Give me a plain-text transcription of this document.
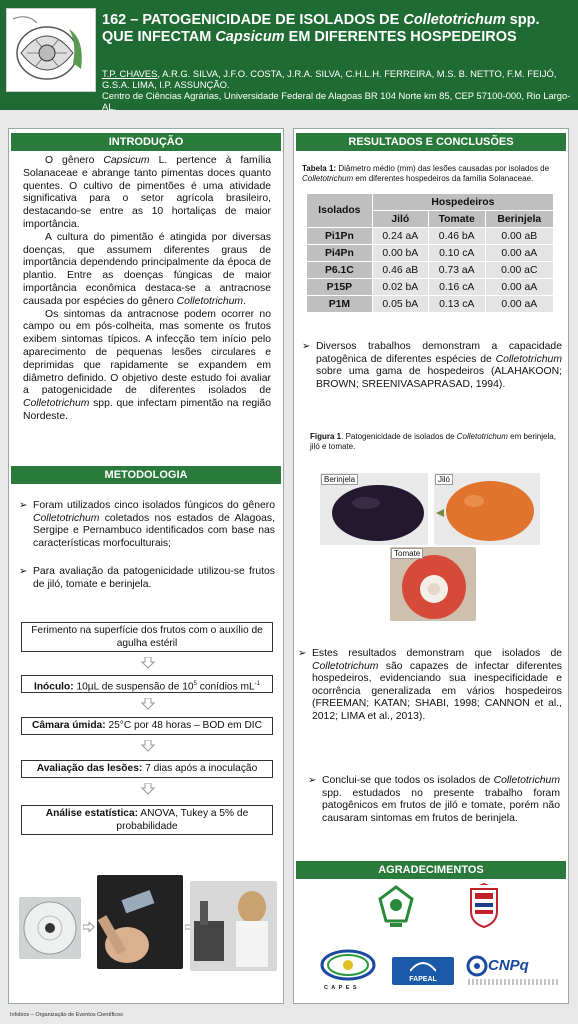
162 – PATOGENICIDADE DE ISOLADOS DE Colletotrichum spp. QUE INFECTAM Capsicum EM DIFERENTES HOSPEDEIROS
T.P. CHAVES, A.R.G. SILVA, J.F.O. COSTA, J.R.A. SILVA, C.H.L.H. FERREIRA, M.S. B. NETTO, F.M. FEIJÓ, G.S.A. LIMA, I.P. ASSUNÇÃO.
Centro de Ciências Agrárias, Universidade Federal de Alagoas BR 104 Norte km 85, CEP 57100-000, Rio Largo-AL.
INTRODUÇÃO

O gênero Capsicum L. pertence à família Solanaceae e abrange tanto pimentas doces quanto quentes. O cultivo de pimentões é uma atividade significativa para o setor agrícola brasileiro, destacando-se entre as 10 hortaliças de maior importância.

A cultura do pimentão é atingida por diversas doenças, que assumem diferentes graus de importância dependendo principalmente da época de plantio. Entre as doenças fúngicas de maior importância econômica destaca-se a antracnose causada por espécies do gênero Colletotrichum.

Os sintomas da antracnose podem ocorrer no campo ou em pós-colheita, mas somente os frutos exibem sintomas típicos. A infecção tem início pelo aparecimento de pequenas lesões circulares e deprimidas que rapidamente se expandem em diâmetro definido. O objetivo deste estudo foi avaliar a patogenicidade de diferentes isolados de Colletotrichum spp. que infectam pimentão na região Nordeste.

METODOLOGIA
➢ Foram utilizados cinco isolados fúngicos do gênero Colletotrichum coletados nos estados de Alagoas, Sergipe e Pernambuco identificados com base nas características morfoculturais;
➢ Para avaliação da patogenicidade utilizou-se frutos de jiló, tomate e berinjela.
Ferimento na superfície dos frutos com o auxílio de agulha estéril
Inóculo: 10µL de suspensão de $10^5$ conídios $mL^{-1}$
Câmara úmida: 25°C por 48 horas – BOD em DIC
Avaliação das lesões: 7 dias após a inoculação
Análise estatística: ANOVA, Tukey a 5% de probabilidade
RESULTADOS E CONCLUSÕES
Tabela 1: Diâmetro médio (mm) das lesões causadas por isolados de Colletotrichum em diferentes hospedeiros da família Solanaceae.
Isolados	Hospedeiros		
	Jiló	Tomate	Berinjela
Pi1Pn	0.24 aA	0.46 bA	0.00 aB
Pi4Pn	0.00 bA	0.10 cA	0.00 aA
P6.1C	0.46 aB	0.73 aA	0.00 aC
P15P	0.02 bA	0.16 cA	0.00 aA
P1M	0.05 bA	0.13 cA	0.00 aA
➢ Diversos trabalhos demonstram a capacidade patogênica de diferentes espécies de Colletotrichum sobre uma gama de hospedeiros (ALAHAKOON; BROWN; SREENIVASAPRASAD, 1994).
Figura 1. Patogenicidade de isolados de Colletotrichum em berinjela, jiló e tomate.
Berinjela	Jiló
Tomate
➢ Estes resultados demonstram que isolados de Colletotrichum são capazes de infectar diferentes hospedeiros, evidenciando sua inespecificidade e ocorrência generalizada em vários hospedeiros (FREEMAN; KATAN; SHABI, 1998; CANNON et al., 2012; LIMA et al., 2013).
➢ Conclui-se que todos os isolados de Colletotrichum spp. estudados no presente trabalho foram patogênicos em frutos de jiló e tomate, porém não causaram sintomas em frutos de berinjela.
AGRADECIMENTOS
C A P E S
FAPEAL
CNPq
Infobios – Organização de Eventos Científicos
